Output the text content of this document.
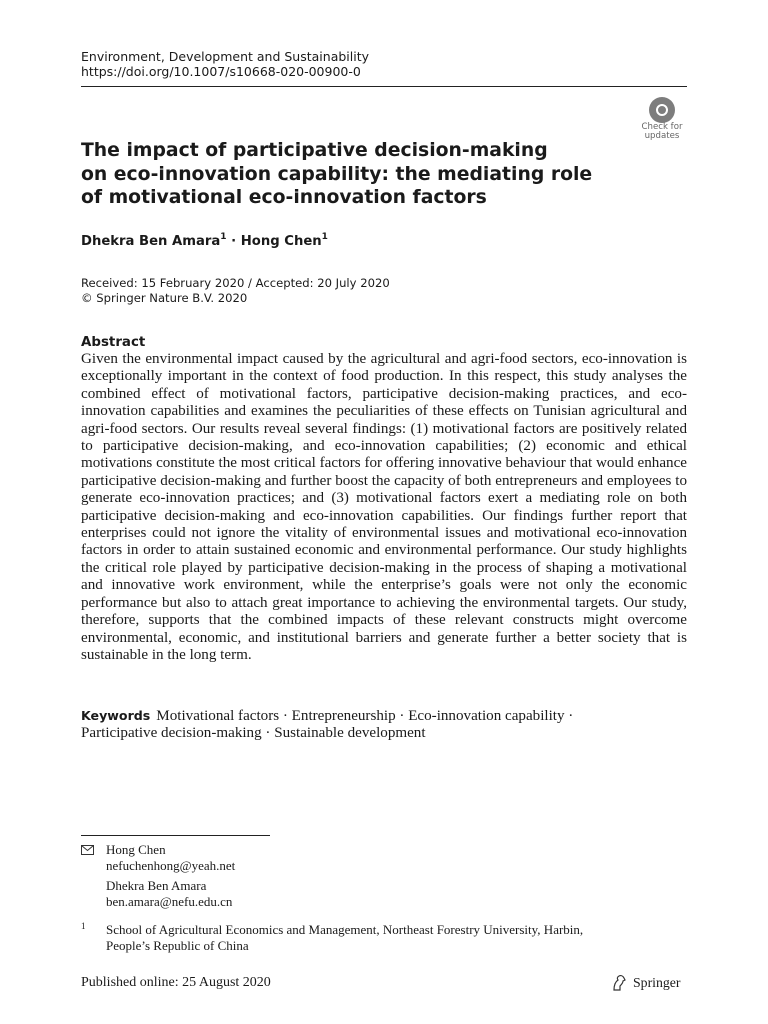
Environment, Development and Sustainability
https://doi.org/10.1007/s10668-020-00900-0
Check for
updates
The impact of participative decision-making
on eco-innovation capability: the mediating role
of motivational eco-innovation factors
Dhekra Ben Amara$^1$ · Hong Chen$^1$
Received: 15 February 2020 / Accepted: 20 July 2020
© Springer Nature B.V. 2020
Abstract

Given the environmental impact caused by the agricultural and agri-food sectors, eco-innovation is exceptionally important in the context of food production. In this respect, this study analyses the combined effect of motivational factors, participative decision-making practices, and eco-innovation capabilities and examines the peculiarities of these effects on Tunisian agricultural and agri-food sectors. Our results reveal several findings: (1) motivational factors are positively related to participative decision-making, and eco-innovation capabilities; (2) economic and ethical motivations constitute the most critical factors for offering innovative behaviour that would enhance participative decision-making and further boost the capacity of both entrepreneurs and employees to generate eco-innovation practices; and (3) motivational factors exert a mediating role on both participative decision-making and eco-innovation capabilities. Our findings further report that enterprises could not ignore the vitality of environmental issues and motivational eco-innovation factors in order to attain sustained economic and environmental performance. Our study highlights the critical role played by participative decision-making in the process of shaping a motivational and innovative work environment, while the enterprise’s goals were not only the economic performance but also to attach great importance to achieving the environmental targets. Our study, therefore, supports that the combined impacts of these relevant constructs might overcome environmental, economic, and institutional barriers and generate further a better society that is sustainable in the long term.

Keywords Motivational factors · Entrepreneurship · Eco-innovation capability ·
Participative decision-making · Sustainable development
Hong Chen
nefuchenhong@yeah.net
Dhekra Ben Amara
ben.amara@nefu.edu.cn
1 School of Agricultural Economics and Management, Northeast Forestry University, Harbin,
People’s Republic of China
Published online: 25 August 2020	Springer
